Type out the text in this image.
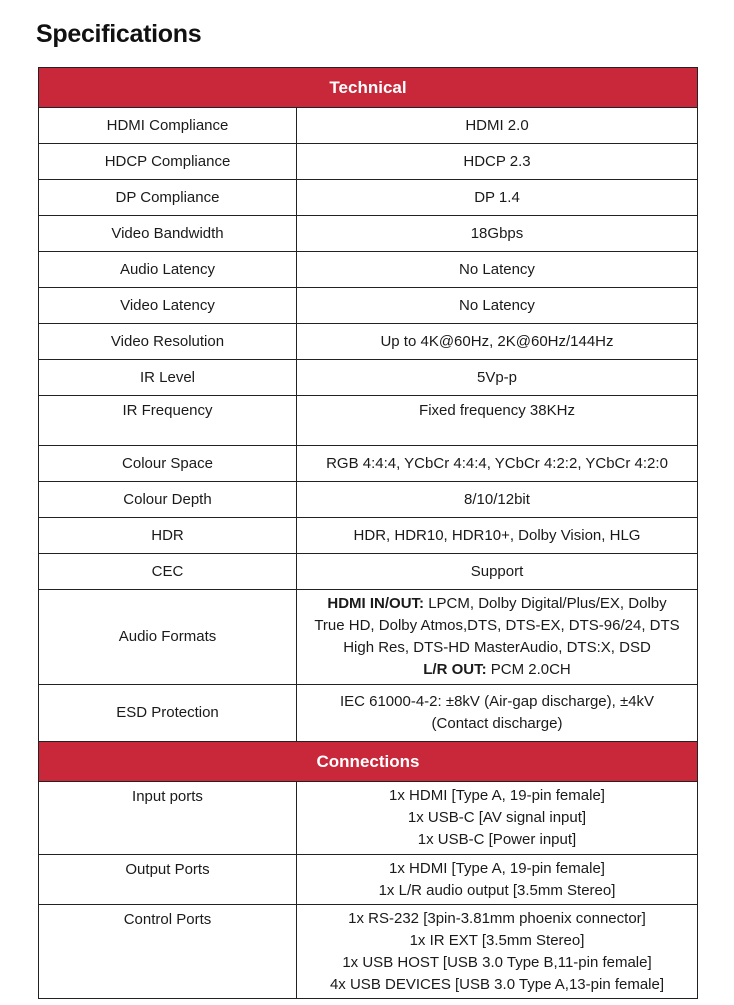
Specifications
Technical	
HDMI Compliance	HDMI 2.0
HDCP Compliance	HDCP 2.3
DP Compliance	DP 1.4
Video Bandwidth	18Gbps
Audio Latency	No Latency
Video Latency	No Latency
Video Resolution	Up to 4K@60Hz, 2K@60Hz/144Hz
IR Level	5Vp-p
IR Frequency	Fixed frequency 38KHz
Colour Space	RGB 4:4:4, YCbCr 4:4:4, YCbCr 4:2:2, YCbCr 4:2:0
Colour Depth	8/10/12bit
HDR	HDR, HDR10, HDR10+, Dolby Vision, HLG
CEC	Support
Audio Formats	HDMI IN/OUT: LPCM, Dolby Digital/Plus/EX, Dolby
True HD, Dolby Atmos,DTS, DTS-EX, DTS-96/24, DTS
High Res, DTS-HD MasterAudio, DTS:X, DSD
L/R OUT: PCM 2.0CH

ESD Protection	IEC 61000-4-2: ±8kV (Air-gap discharge), ±4kV
(Contact discharge)

Connections	
Input ports	1x HDMI [Type A, 19-pin female]
1x USB-C [AV signal input]
1x USB-C [Power input]

Output Ports	1x HDMI [Type A, 19-pin female]
1x L/R audio output [3.5mm Stereo]

Control Ports	1x RS-232 [3pin-3.81mm phoenix connector]
1x IR EXT [3.5mm Stereo]
1x USB HOST [USB 3.0 Type B,11-pin female]
4x USB DEVICES [USB 3.0 Type A,13-pin female]
